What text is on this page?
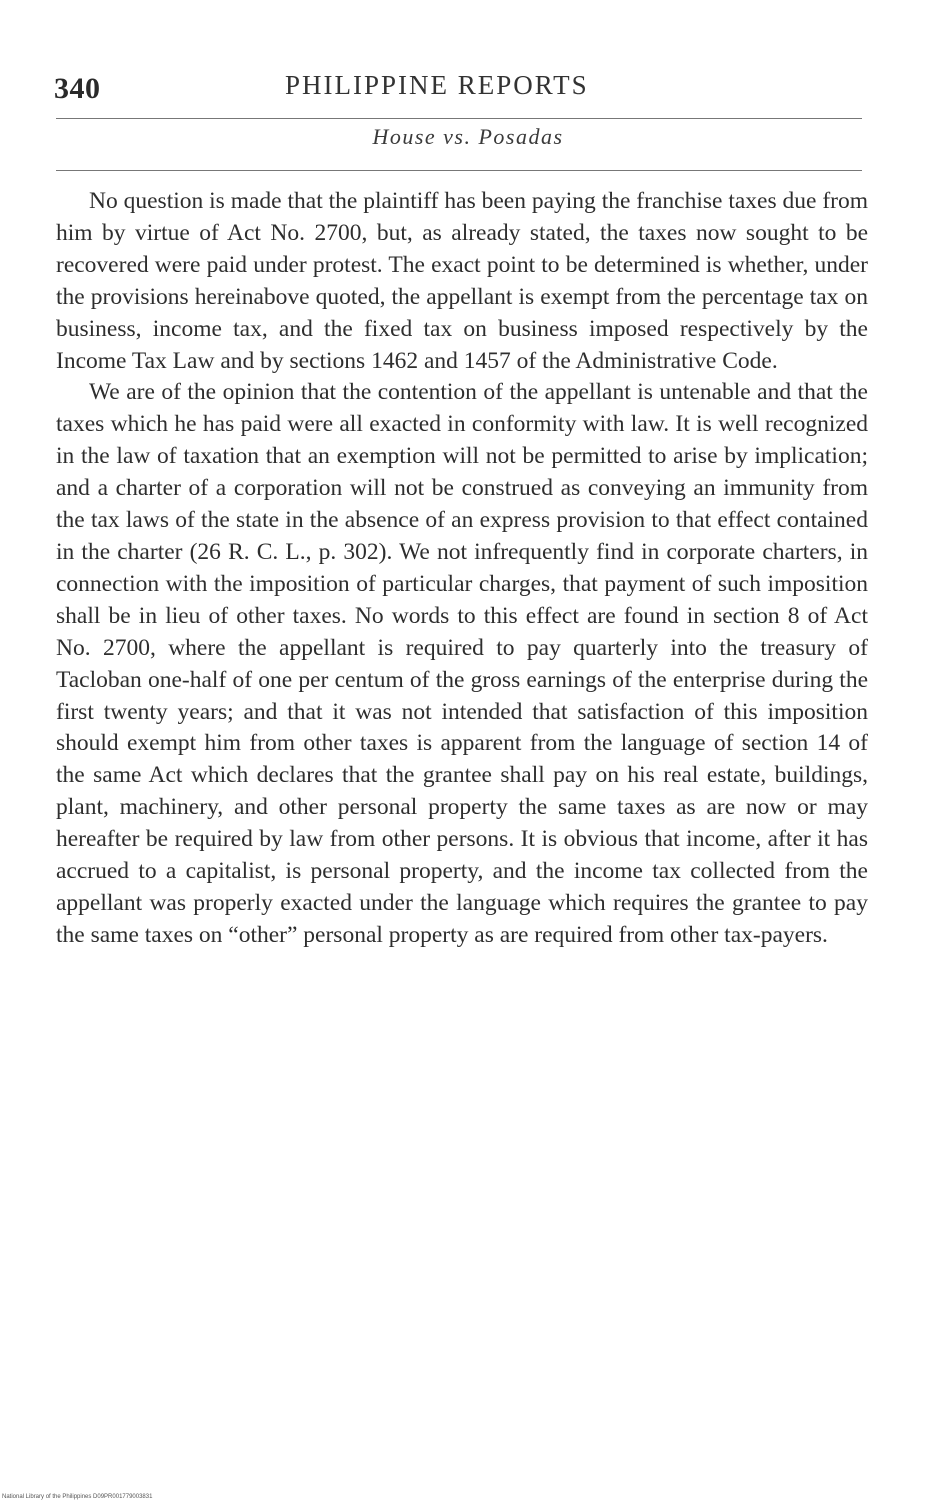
340	PHILIPPINE REPORTS
House vs. Posadas

No question is made that the plaintiff has been paying the franchise taxes due from him by virtue of Act No. 2700, but, as already stated, the taxes now sought to be recovered were paid under protest. The exact point to be determined is whether, under the provisions hereinabove quoted, the appellant is exempt from the percentage tax on business, income tax, and the fixed tax on business imposed respectively by the Income Tax Law and by sections 1462 and 1457 of the Administrative Code.

We are of the opinion that the contention of the appellant is untenable and that the taxes which he has paid were all exacted in conformity with law. It is well recognized in the law of taxation that an exemption will not be permitted to arise by implication; and a charter of a corporation will not be construed as conveying an immunity from the tax laws of the state in the absence of an express provision to that effect contained in the charter (26 R. C. L., p. 302). We not infrequently find in corporate charters, in connection with the imposition of particular charges, that payment of such imposition shall be in lieu of other taxes. No words to this effect are found in section 8 of Act No. 2700, where the appellant is required to pay quarterly into the treasury of Tacloban one-half of one per centum of the gross earnings of the enterprise during the first twenty years; and that it was not intended that satisfaction of this imposition should exempt him from other taxes is apparent from the language of section 14 of the same Act which declares that the grantee shall pay on his real estate, buildings, plant, machinery, and other personal property the same taxes as are now or may hereafter be required by law from other persons. It is obvious that income, after it has accrued to a capitalist, is personal property, and the income tax collected from the appellant was properly exacted under the language which requires the grantee to pay the same taxes on “other” personal property as are required from other tax-payers.

National Library of the Philippines D09PR001779003831
